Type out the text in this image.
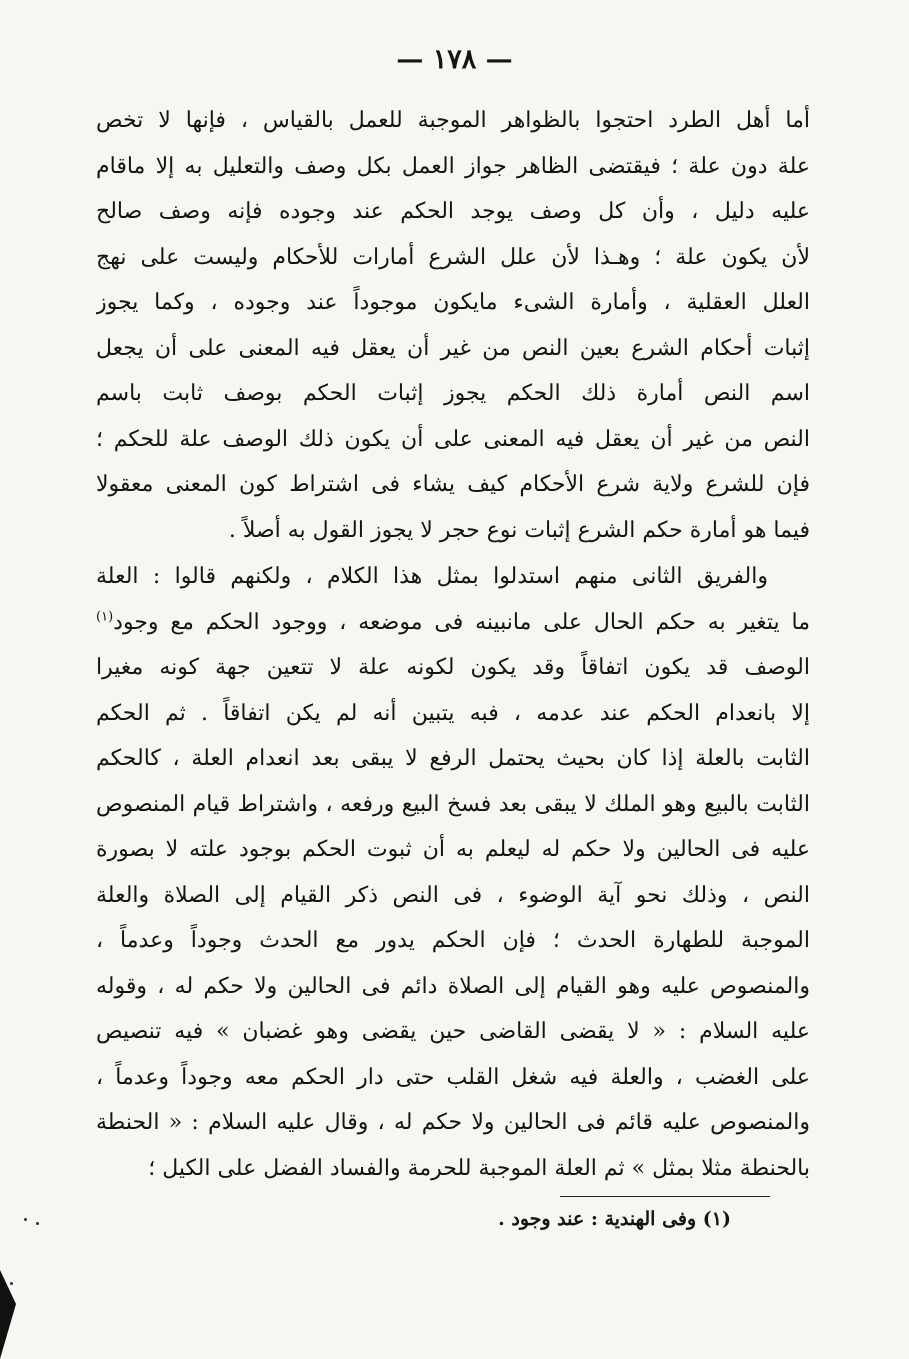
— ١٧٨ —
أما أهل الطرد احتجوا بالظواهر الموجبة للعمل بالقياس ، فإنها لا تخص
علة دون علة ؛ فيقتضى الظاهر جواز العمل بكل وصف والتعليل به إلا ماقام
عليه دليل ، وأن كل وصف يوجد الحكم عند وجوده فإنه وصف صالح
لأن يكون علة ؛ وهـذا لأن علل الشرع أمارات للأحكام وليست على نهج
العلل العقلية ، وأمارة الشىء مايكون موجوداً عند وجوده ، وكما يجوز
إثبات أحكام الشرع بعين النص من غير أن يعقل فيه المعنى على أن يجعل
اسم النص أمارة ذلك الحكم يجوز إثبات الحكم بوصف ثابت باسم
النص من غير أن يعقل فيه المعنى على أن يكون ذلك الوصف علة للحكم ؛
فإن للشرع ولاية شرع الأحكام كيف يشاء فى اشتراط كون المعنى معقولا
فيما هو أمارة حكم الشرع إثبات نوع حجر لا يجوز القول به أصلاً .
والفريق الثانى منهم استدلوا بمثل هذا الكلام ، ولكنهم قالوا : العلة
ما يتغير به حكم الحال على مانبينه فى موضعه ، ووجود الحكم مع وجود$^{(١)}$
الوصف قد يكون اتفاقاً وقد يكون لكونه علة لا تتعين جهة كونه مغيرا
إلا بانعدام الحكم عند عدمه ، فبه يتبين أنه لم يكن اتفاقاً . ثم الحكم
الثابت بالعلة إذا كان بحيث يحتمل الرفع لا يبقى بعد انعدام العلة ، كالحكم
الثابت بالبيع وهو الملك لا يبقى بعد فسخ البيع ورفعه ، واشتراط قيام المنصوص
عليه فى الحالين ولا حكم له ليعلم به أن ثبوت الحكم بوجود علته لا بصورة
النص ، وذلك نحو آية الوضوء ، فى النص ذكر القيام إلى الصلاة والعلة
الموجبة للطهارة الحدث ؛ فإن الحكم يدور مع الحدث وجوداً وعدماً ،
والمنصوص عليه وهو القيام إلى الصلاة دائم فى الحالين ولا حكم له ، وقوله
عليه السلام : « لا يقضى القاضى حين يقضى وهو غضبان » فيه تنصيص
على الغضب ، والعلة فيه شغل القلب حتى دار الحكم معه وجوداً وعدماً ،
والمنصوص عليه قائم فى الحالين ولا حكم له ، وقال عليه السلام : « الحنطة
بالحنطة مثلا بمثل » ثم العلة الموجبة للحرمة والفساد الفضل على الكيل ؛
(١) وفى الهندية : عند وجود .
